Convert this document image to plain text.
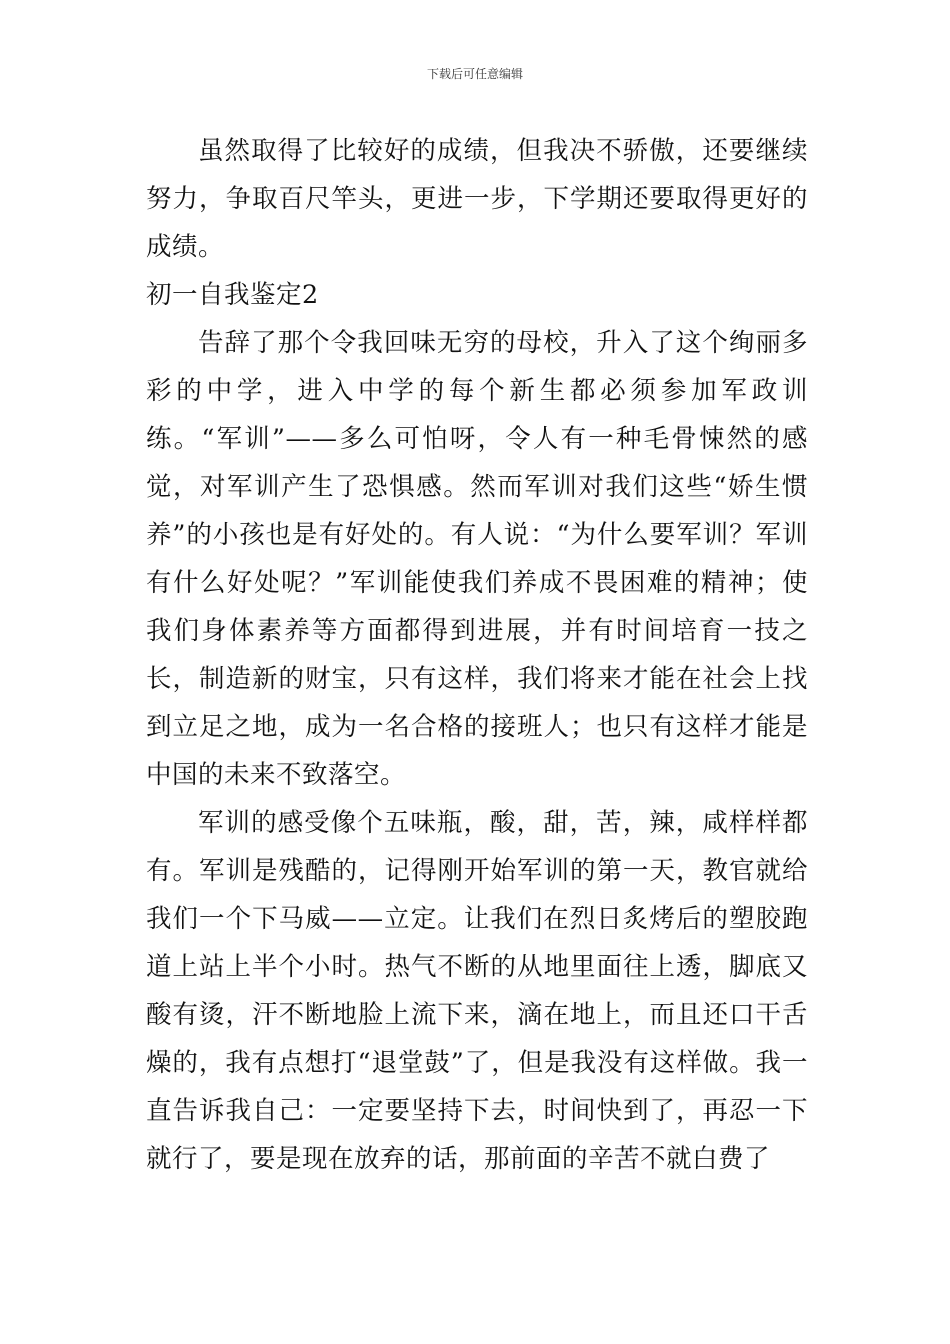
下载后可任意编辑

虽然取得了比较好的成绩，但我决不骄傲，还要继续努力，争取百尺竿头，更进一步，下学期还要取得更好的成绩。

初一自我鉴定2

告辞了那个令我回味无穷的母校，升入了这个绚丽多彩的中学，进入中学的每个新生都必须参加军政训练。“军训”——多么可怕呀，令人有一种毛骨悚然的感觉，对军训产生了恐惧感。然而军训对我们这些“娇生惯养”的小孩也是有好处的。有人说：“为什么要军训？军训有什么好处呢？”军训能使我们养成不畏困难的精神；使我们身体素养等方面都得到进展，并有时间培育一技之长，制造新的财宝，只有这样，我们将来才能在社会上找到立足之地，成为一名合格的接班人；也只有这样才能是中国的未来不致落空。

军训的感受像个五味瓶，酸，甜，苦，辣，咸样样都有。军训是残酷的，记得刚开始军训的第一天，教官就给我们一个下马威——立定。让我们在烈日炙烤后的塑胶跑道上站上半个小时。热气不断的从地里面往上透，脚底又酸有烫，汗不断地脸上流下来，滴在地上，而且还口干舌燥的，我有点想打“退堂鼓”了，但是我没有这样做。我一直告诉我自己：一定要坚持下去，时间快到了，再忍一下就行了，要是现在放弃的话，那前面的辛苦不就白费了
